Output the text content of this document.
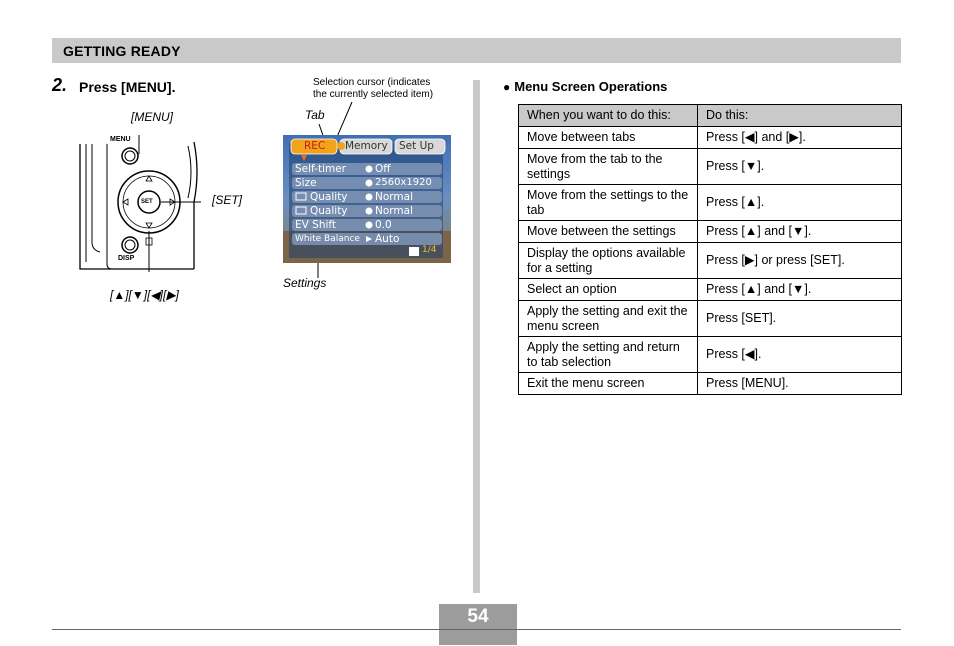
GETTING READY
2. Press [MENU].
MENU
SET
DISP
[MENU]
[SET]
[▲][▼][◀][▶]
Selection cursor (indicates
the currently selected item)
Tab
Settings
REC Memory Set Up
Self-timer	Off
Size	2560x1920
Quality	Normal
Quality	Normal
EV Shift	0.0
White Balance Auto
1/4
● Menu Screen Operations
When you want to do this:	Do this:
Move between tabs	Press [◀] and [▶].
Move from the tab to the settings	Press [▼].
Move from the settings to the tab	Press [▲].
Move between the settings	Press [▲] and [▼].
Display the options available for a setting	Press [▶] or press [SET].
Select an option	Press [▲] and [▼].
Apply the setting and exit the menu screen	Press [SET].
Apply the setting and return to tab selection	Press [◀].
Exit the menu screen	Press [MENU].
54
